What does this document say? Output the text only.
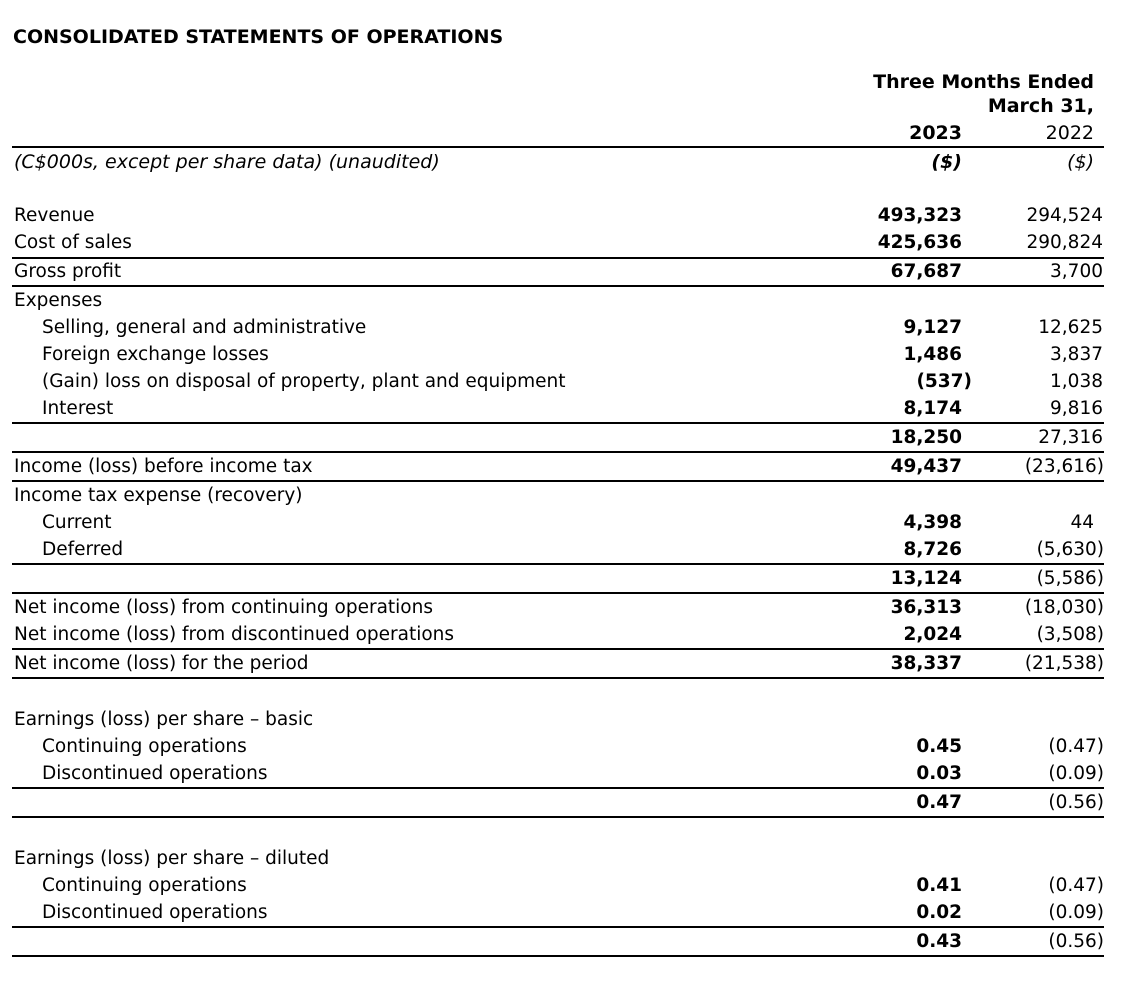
CONSOLIDATED STATEMENTS OF OPERATIONS
Three Months Ended
March 31,
2023	2022
(C$000s, except per share data) (unaudited)	($)	($)
Revenue	493,323	294,524
Cost of sales	425,636	290,824
Gross profit	67,687	3,700
Expenses
Selling, general and administrative	9,127	12,625
Foreign exchange losses	1,486	3,837
(Gain) loss on disposal of property, plant and equipment	(537)	1,038
Interest	8,174	9,816
18,250	27,316
Income (loss) before income tax	49,437	(23,616)
Income tax expense (recovery)
Current	4,398	44
Deferred	8,726	(5,630)
13,124	(5,586)
Net income (loss) from continuing operations	36,313	(18,030)
Net income (loss) from discontinued operations	2,024	(3,508)
Net income (loss) for the period	38,337	(21,538)
Earnings (loss) per share – basic
Continuing operations	0.45	(0.47)
Discontinued operations	0.03	(0.09)
0.47	(0.56)
Earnings (loss) per share – diluted
Continuing operations	0.41	(0.47)
Discontinued operations	0.02	(0.09)
0.43	(0.56)
